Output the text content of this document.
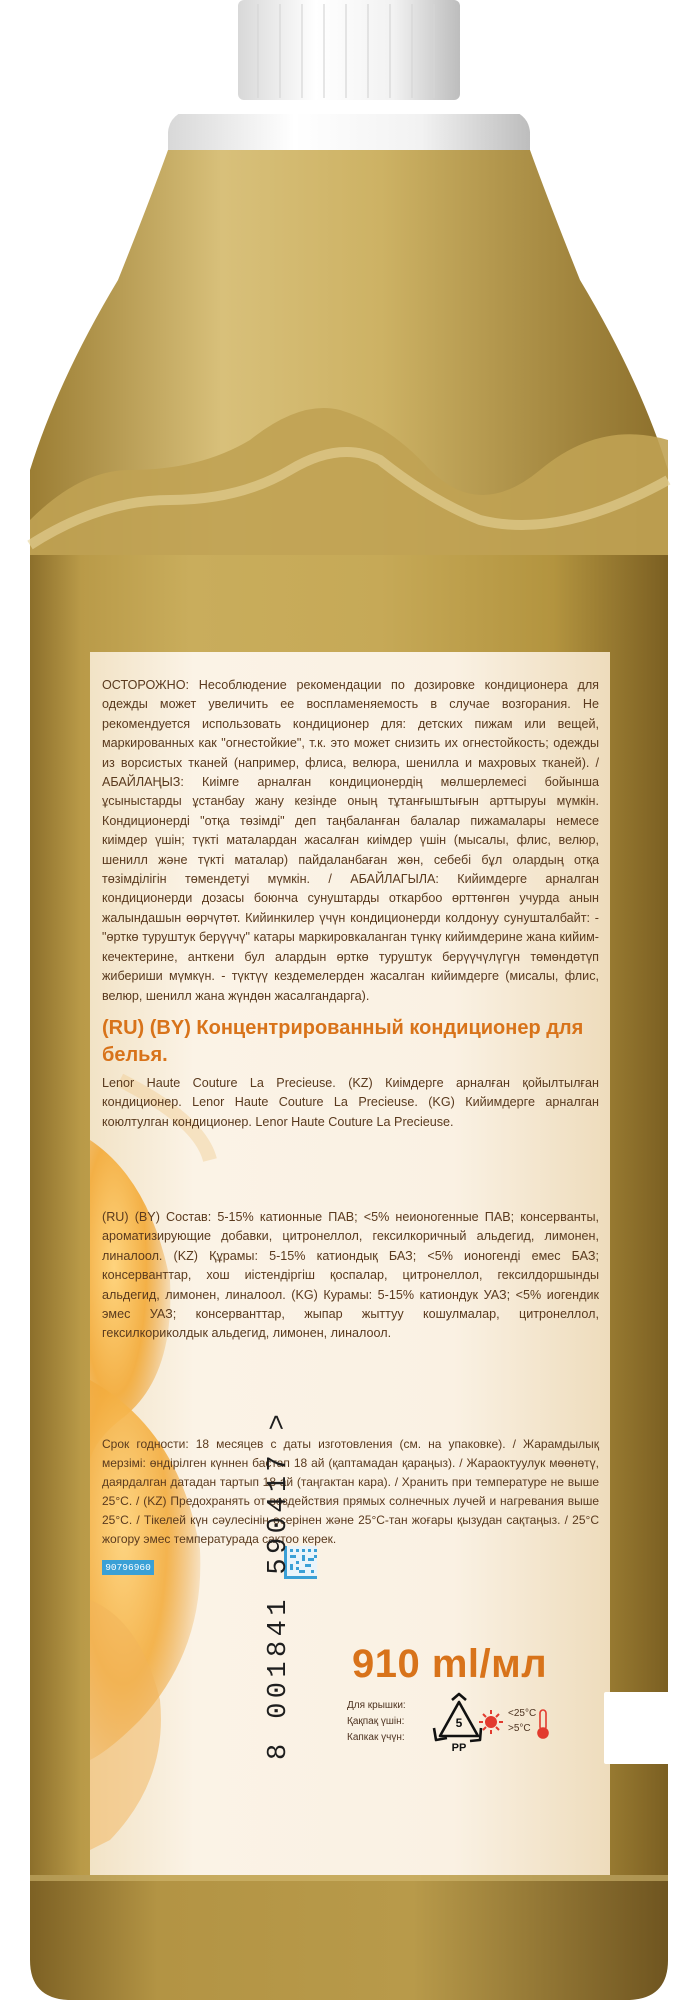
ОСТОРОЖНО: Несоблюдение рекомендации по дозировке кондиционера для одежды может увеличить ее воспламеняемость в случае возгорания. Не рекомендуется использовать кондиционер для: детских пижам или вещей, маркированных как "огнестойкие", т.к. это может снизить их огнестойкость; одежды из ворсистых тканей (например, флиса, велюра, шенилла и махровых тканей). / АБАЙЛАҢЫЗ: Киімге арналған кондиционердің мөлшерлемесі бойынша ұсыныстарды ұстанбау жану кезінде оның тұтанғыштығын арттыруы мүмкін. Кондиционерді "отқа төзімді" деп таңбаланған балалар пижамалары немесе киімдер үшін; түкті маталардан жасалған киімдер үшін (мысалы, флис, велюр, шенилл және түкті маталар) пайдаланбаған жөн, себебі бұл олардың отқа төзімділігін төмендетуі мүмкін. / АБАЙЛАГЫЛА: Кийимдерге арналган кондиционерди дозасы боюнча сунуштарды откарбоо өрттөнгөн учурда анын жалындашын өөрчүтөт. Кийинкилер үчүн кондиционерди колдонуу сунушталбайт: - "өрткө туруштук берүүчү" катары маркировкаланган түнкү кийимдерине жана кийим-кечектерине, анткени бул алардын өрткө туруштук берүүчүлүгүн төмөндөтүп жибериши мүмкүн. - түктүү кездемелерден жасалган кийимдерге (мисалы, флис, велюр, шенилл жана жүндөн жасалгандарга).
(RU) (BY) Концентрированный кондиционер для белья.
Lenor Haute Couture La Precieuse. (KZ) Киімдерге арналған қойылтылған кондиционер. Lenor Haute Couture La Precieuse. (KG) Кийимдерге арналган коюлтулган кондиционер. Lenor Haute Couture La Precieuse.
(RU) (BY) Состав: 5-15% катионные ПАВ; <5% неионогенные ПАВ; консерванты, ароматизирующие добавки, цитронеллол, гексилкоричный альдегид, лимонен, линалоол. (KZ) Құрамы: 5-15% катиондық БАЗ; <5% ионогенді емес БАЗ; консерванттар, хош иістендіргіш қоспалар, цитронеллол, гексилдоршынды альдегид, лимонен, линалоол. (KG) Курамы: 5-15% катиондук УАЗ; <5% иогендик эмес УАЗ; консерванттар, жыпар жыттуу кошулмалар, цитронеллол, гексилкориколдык альдегид, лимонен, линалоол.
Срок годности: 18 месяцев с даты изготовления (см. на упаковке). / Жарамдылық мерзімі: өндірілген күннен бастап 18 ай (қаптамадан қараңыз). / Жараоктуулук мөөнөтү, даярдалган датадан тартып 18 ай (таңгактан кара). / Хранить при температуре не выше 25°C. / (KZ) Предохранять от воздействия прямых солнечных лучей и нагревания выше 25°C. / Тікелей күн сәулесінің әсерінен және 25°C-тан жоғары қызудан сақтаңыз. / 25°C жогору эмес температурада сактоо керек.
90796960
910 ml/мл
Для крышки:
Қақпақ үшін:
Капкак үчүн:
5
PP
<25°C
>5°C
8 001841 590417 >
